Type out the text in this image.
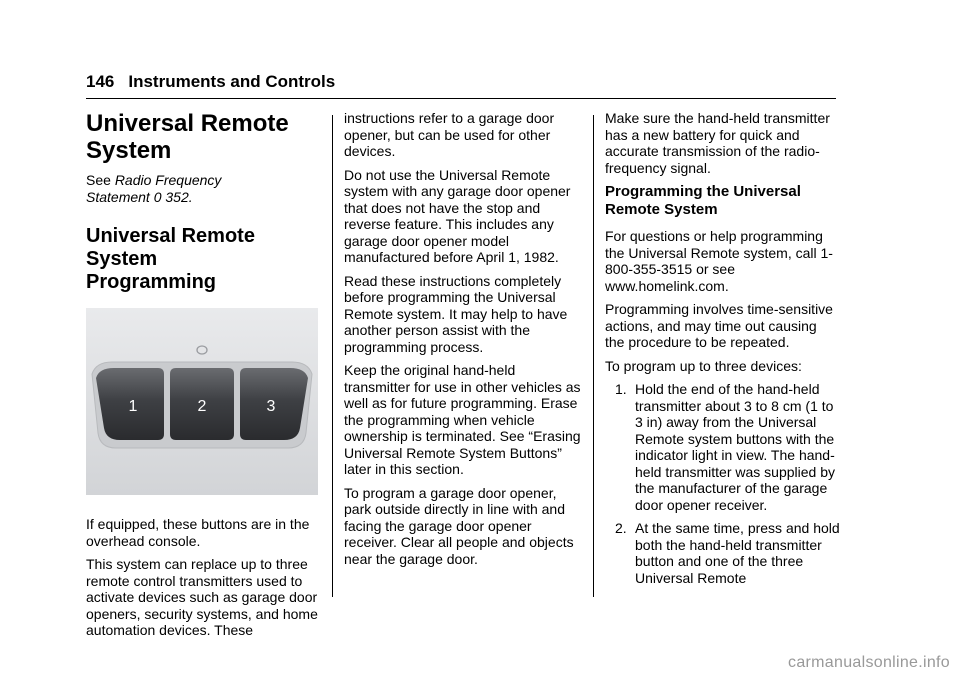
146 Instruments and Controls
Universal Remote
System

See Radio Frequency
Statement 0 352.

Universal Remote System
Programming
1	2	3

If equipped, these buttons are in the overhead console.

This system can replace up to three remote control transmitters used to activate devices such as garage door openers, security systems, and home automation devices. These

instructions refer to a garage door opener, but can be used for other devices.

Do not use the Universal Remote system with any garage door opener that does not have the stop and reverse feature. This includes any garage door opener model manufactured before April 1, 1982.

Read these instructions completely before programming the Universal Remote system. It may help to have another person assist with the programming process.

Keep the original hand-held transmitter for use in other vehicles as well as for future programming. Erase the programming when vehicle ownership is terminated. See “Erasing Universal Remote System Buttons” later in this section.

To program a garage door opener, park outside directly in line with and facing the garage door opener receiver. Clear all people and objects near the garage door.

Make sure the hand-held transmitter has a new battery for quick and accurate transmission of the radio-frequency signal.

Programming the Universal
Remote System

For questions or help programming the Universal Remote system, call 1-800-355-3515 or see www.homelink.com.

Programming involves time-sensitive actions, and may time out causing the procedure to be repeated.

To program up to three devices:

1. Hold the end of the hand-held transmitter about 3 to 8 cm (1 to 3 in) away from the Universal Remote system buttons with the indicator light in view. The hand-held transmitter was supplied by the manufacturer of the garage door opener receiver.
2. At the same time, press and hold both the hand-held transmitter button and one of the three Universal Remote
carmanualsonline.info
